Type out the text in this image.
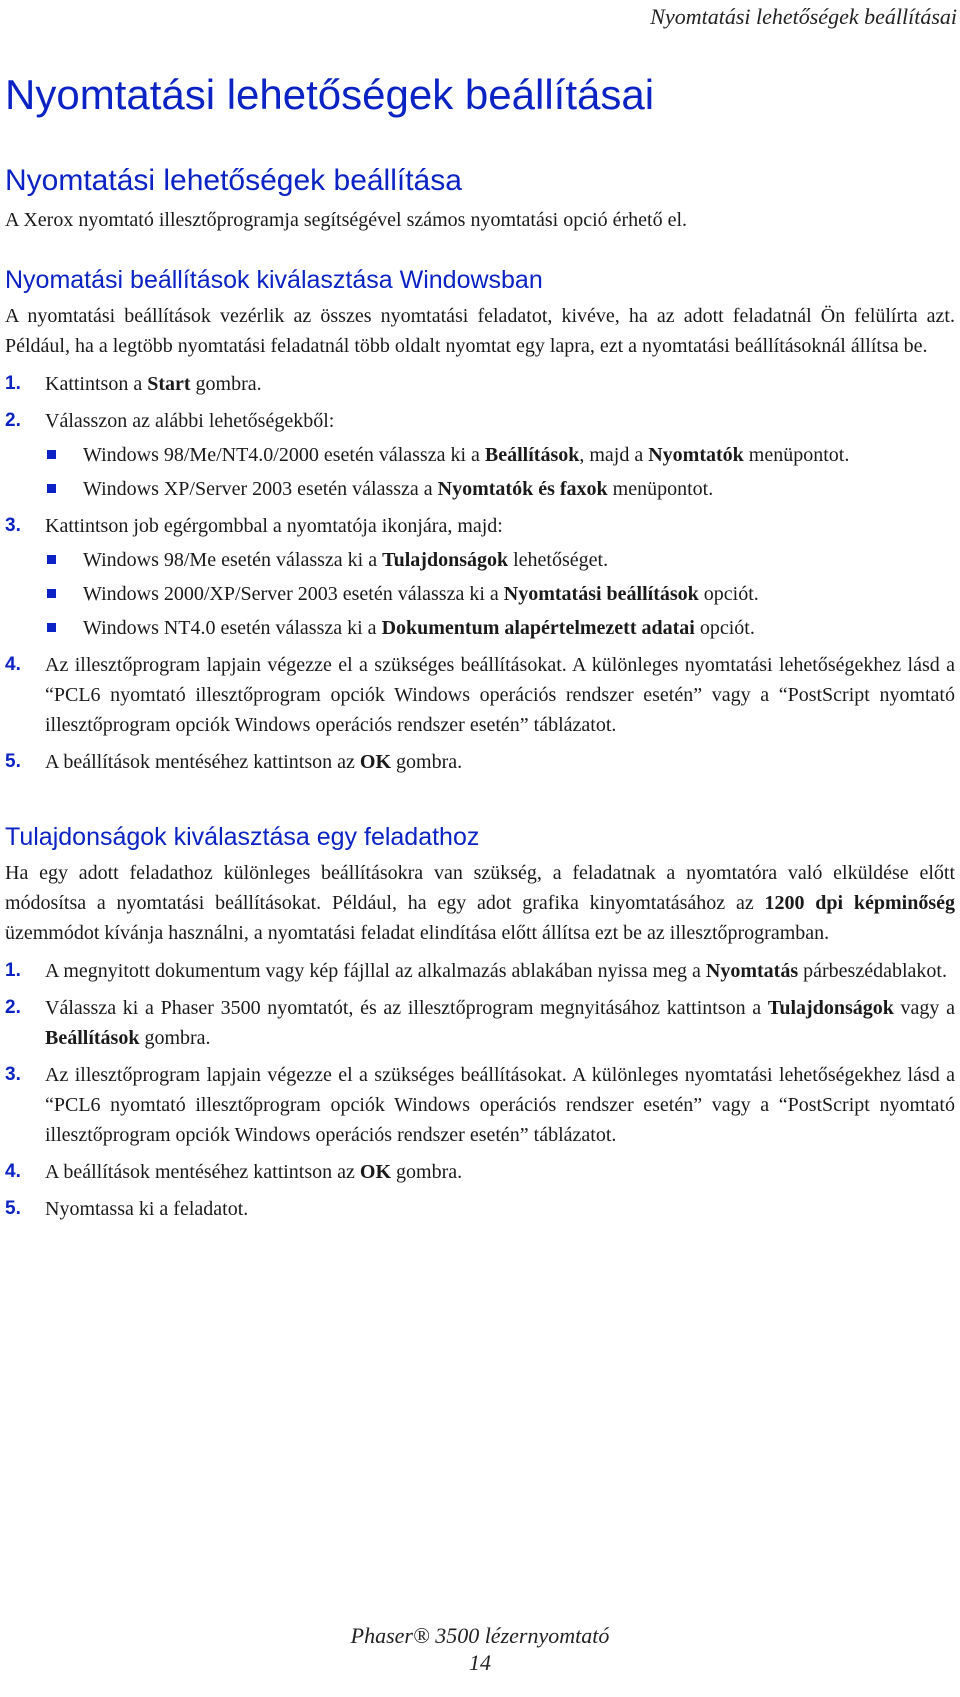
Nyomtatási lehetőségek beállításai
Nyomtatási lehetőségek beállításai
Nyomtatási lehetőségek beállítása

A Xerox nyomtató illesztőprogramja segítségével számos nyomtatási opció érhető el.

Nyomatási beállítások kiválasztása Windowsban

A nyomtatási beállítások vezérlik az összes nyomtatási feladatot, kivéve, ha az adott feladatnál Ön felülírta azt. Például, ha a legtöbb nyomtatási feladatnál több oldalt nyomtat egy lapra, ezt a nyomtatási beállításoknál állítsa be.

1. Kattintson a Start gombra.
2. Válasszon az alábbi lehetőségekből:
Windows 98/Me/NT4.0/2000 esetén válassza ki a Beállítások, majd a Nyomtatók menüpontot.
Windows XP/Server 2003 esetén válassza a Nyomtatók és faxok menüpontot.
3. Kattintson job egérgombbal a nyomtatója ikonjára, majd:
Windows 98/Me esetén válassza ki a Tulajdonságok lehetőséget.
Windows 2000/XP/Server 2003 esetén válassza ki a Nyomtatási beállítások opciót.
Windows NT4.0 esetén válassza ki a Dokumentum alapértelmezett adatai opciót.
4. Az illesztőprogram lapjain végezze el a szükséges beállításokat. A különleges nyomtatási lehetőségekhez lásd a “PCL6 nyomtató illesztőprogram opciók Windows operációs rendszer esetén” vagy a “PostScript nyomtató illesztőprogram opciók Windows operációs rendszer esetén” táblázatot.
5. A beállítások mentéséhez kattintson az OK gombra.
Tulajdonságok kiválasztása egy feladathoz

Ha egy adott feladathoz különleges beállításokra van szükség, a feladatnak a nyomtatóra való elküldése előtt módosítsa a nyomtatási beállításokat. Például, ha egy adot grafika kinyomtatásához az 1200 dpi képminőség üzemmódot kívánja használni, a nyomtatási feladat elindítása előtt állítsa ezt be az illesztőprogramban.

1. A megnyitott dokumentum vagy kép fájllal az alkalmazás ablakában nyissa meg a Nyomtatás párbeszédablakot.
2. Válassza ki a Phaser 3500 nyomtatót, és az illesztőprogram megnyitásához kattintson a Tulajdonságok vagy a Beállítások gombra.
3. Az illesztőprogram lapjain végezze el a szükséges beállításokat. A különleges nyomtatási lehetőségekhez lásd a “PCL6 nyomtató illesztőprogram opciók Windows operációs rendszer esetén” vagy a “PostScript nyomtató illesztőprogram opciók Windows operációs rendszer esetén” táblázatot.
4. A beállítások mentéséhez kattintson az OK gombra.
5. Nyomtassa ki a feladatot.
Phaser® 3500 lézernyomtató
14
